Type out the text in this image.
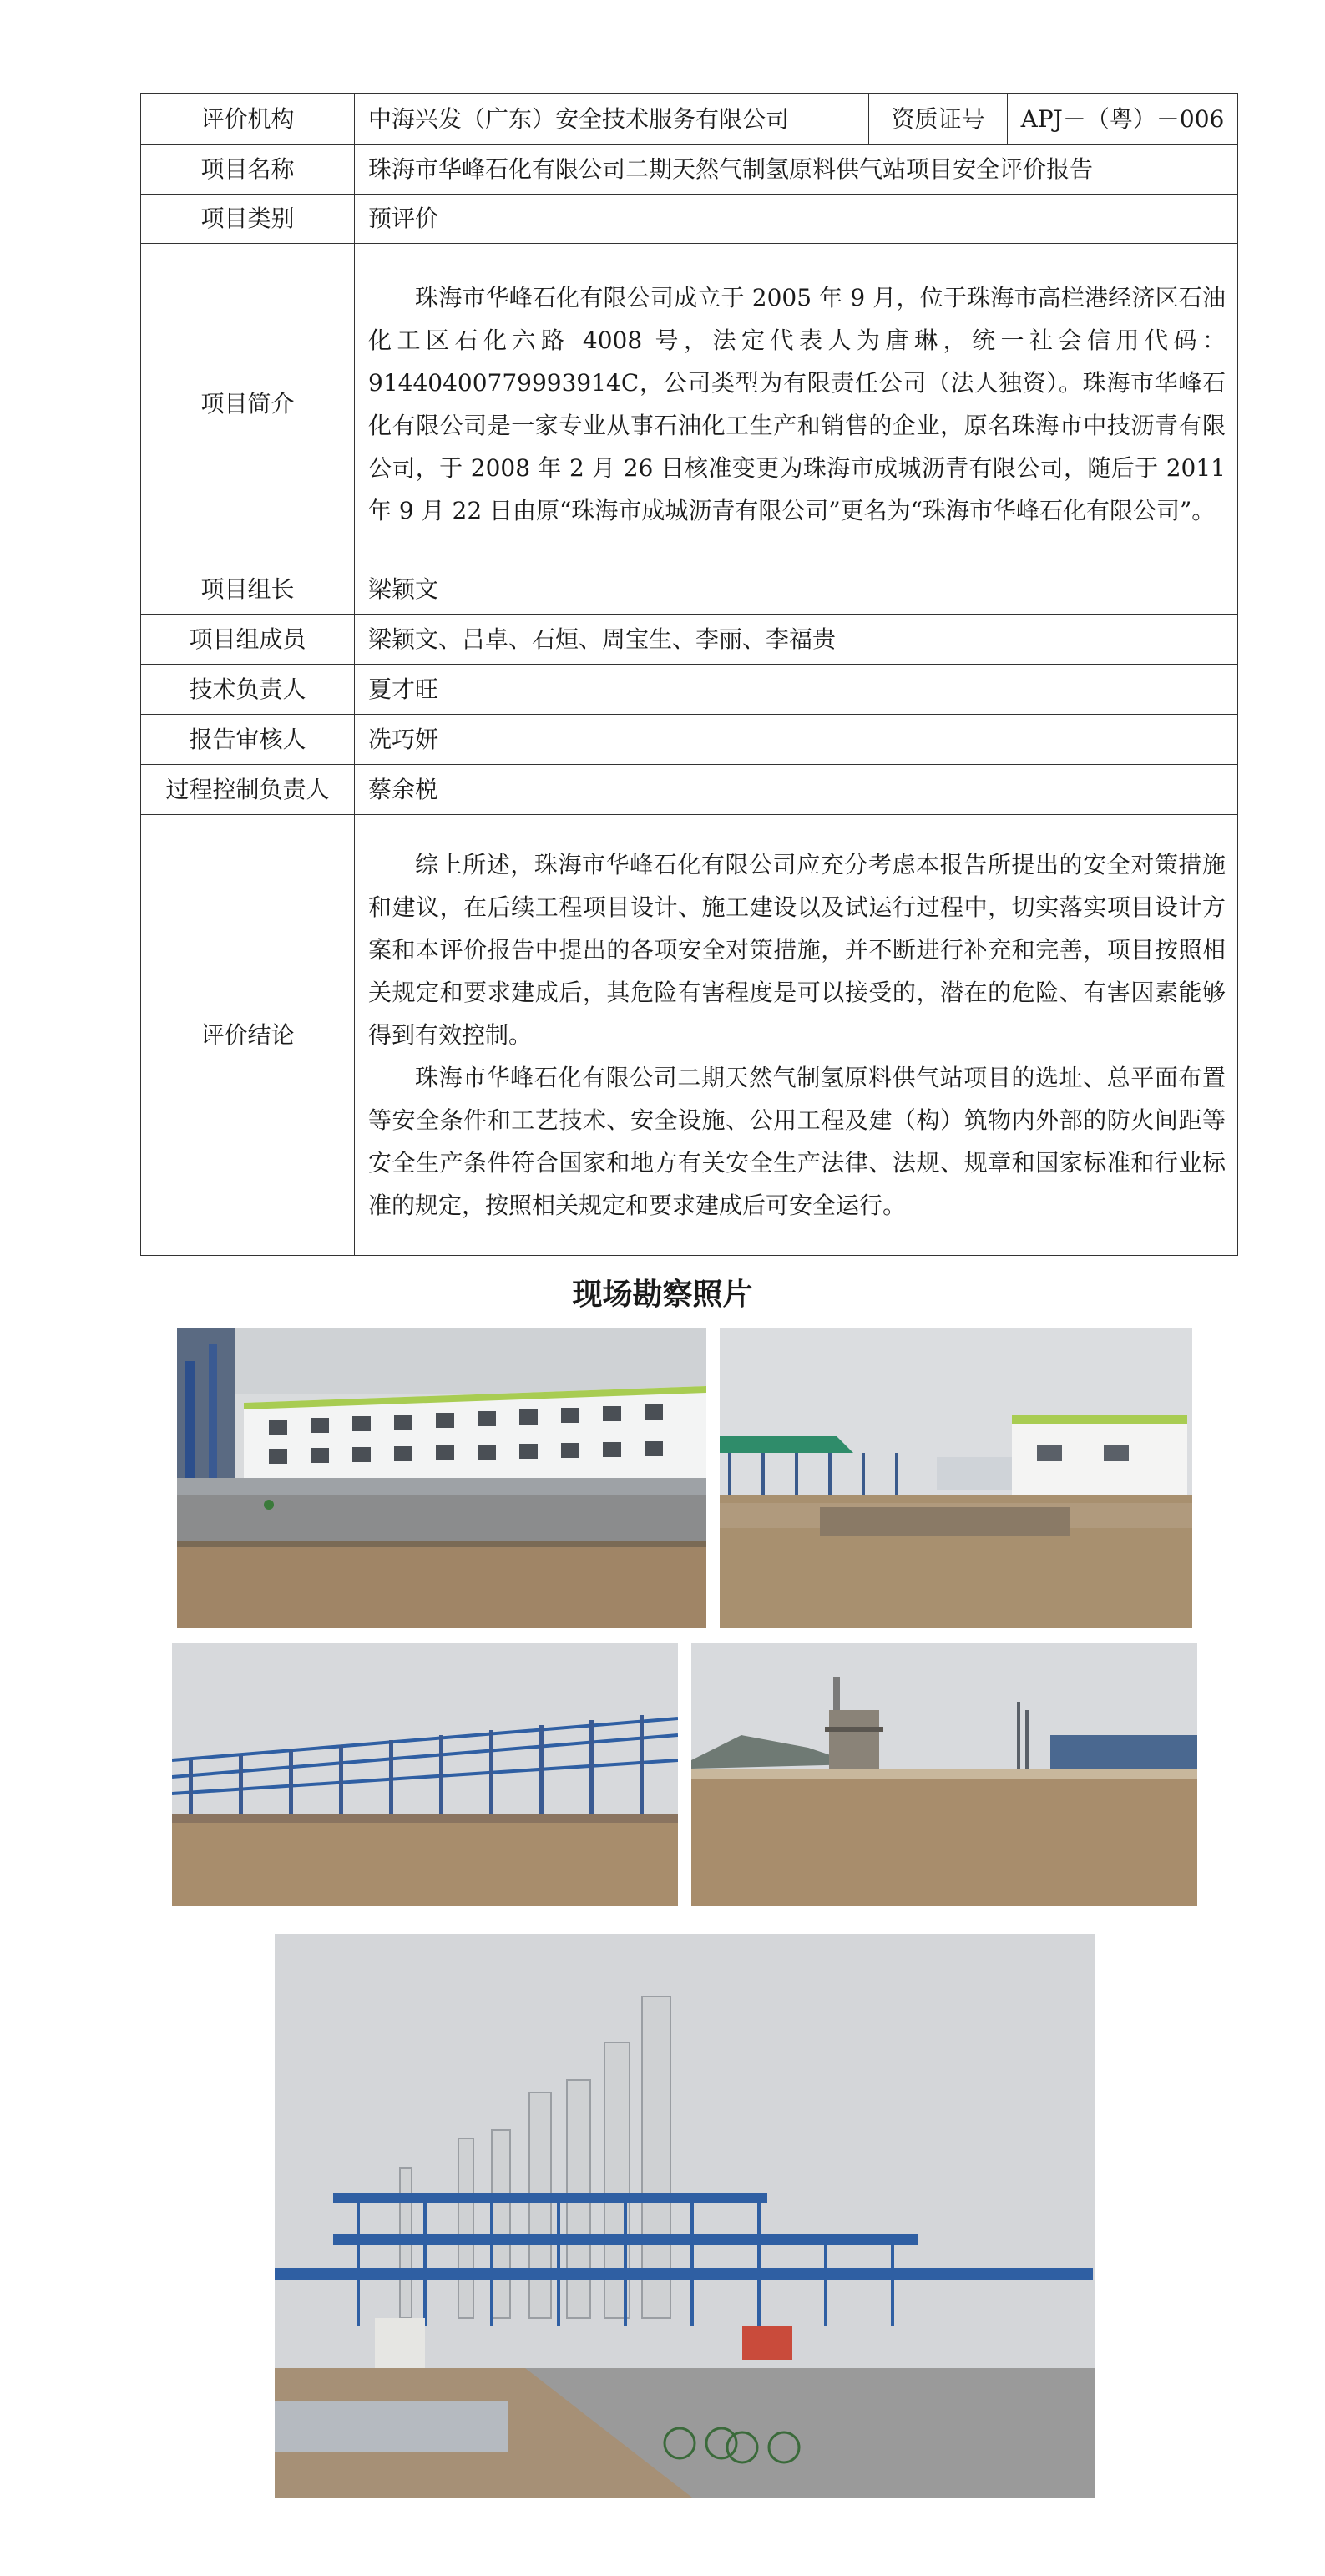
评价机构	中海兴发（广东）安全技术服务有限公司	资质证号	APJ－（粤）－006
项目名称	珠海市华峰石化有限公司二期天然气制氢原料供气站项目安全评价报告		
项目类别	预评价		
项目简介	珠海市华峰石化有限公司成立于 2005 年 9 月，位于珠海市高栏港经济区石油化工区石化六路 4008 号，法定代表人为唐琳，统一社会信用代码：91440400779993914C，公司类型为有限责任公司（法人独资）。珠海市华峰石化有限公司是一家专业从事石油化工生产和销售的企业，原名珠海市中技沥青有限公司，于 2008 年 2 月 26 日核准变更为珠海市成城沥青有限公司，随后于 2011 年 9 月 22 日由原“珠海市成城沥青有限公司”更名为“珠海市华峰石化有限公司”。		

项目组长	梁颖文		
项目组成员	梁颖文、吕卓、石烜、周宝生、李丽、李福贵		
技术负责人	夏才旺		
报告审核人	冼巧妍		
过程控制负责人	蔡余棁		
评价结论	综上所述，珠海市华峰石化有限公司应充分考虑本报告所提出的安全对策措施和建议，在后续工程项目设计、施工建设以及试运行过程中，切实落实项目设计方案和本评价报告中提出的各项安全对策措施，并不断进行补充和完善，项目按照相关规定和要求建成后，其危险有害程度是可以接受的，潜在的危险、有害因素能够得到有效控制。

珠海市华峰石化有限公司二期天然气制氢原料供气站项目的选址、总平面布置等安全条件和工艺技术、安全设施、公用工程及建（构）筑物内外部的防火间距等安全生产条件符合国家和地方有关安全生产法律、法规、规章和国家标准和行业标准的规定，按照相关规定和要求建成后可安全运行。		

现场勘察照片
